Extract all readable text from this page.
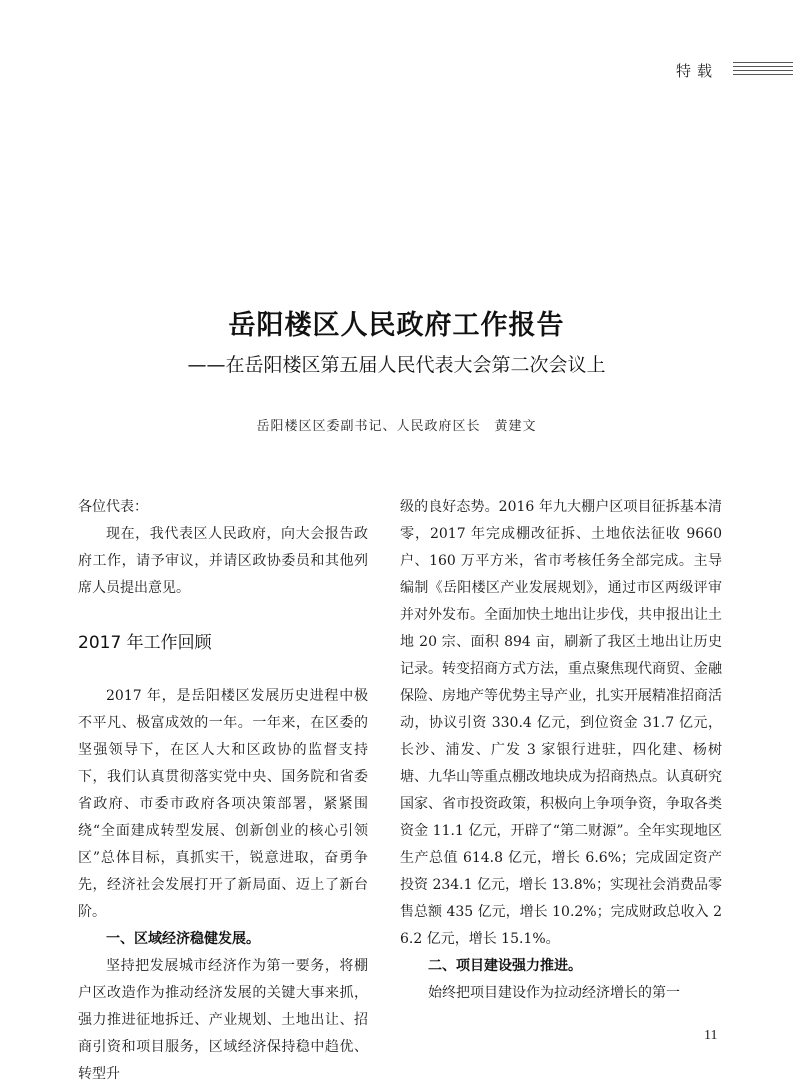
特载
岳阳楼区人民政府工作报告
——在岳阳楼区第五届人民代表大会第二次会议上
岳阳楼区区委副书记、人民政府区长　黄建文

各位代表：

现在，我代表区人民政府，向大会报告政府工作，请予审议，并请区政协委员和其他列席人员提出意见。

2017 年工作回顾

2017 年，是岳阳楼区发展历史进程中极不平凡、极富成效的一年。一年来，在区委的坚强领导下，在区人大和区政协的监督支持下，我们认真贯彻落实党中央、国务院和省委省政府、市委市政府各项决策部署，紧紧围绕“全面建成转型发展、创新创业的核心引领区”总体目标，真抓实干，锐意进取，奋勇争先，经济社会发展打开了新局面、迈上了新台阶。

一、区域经济稳健发展。

坚持把发展城市经济作为第一要务，将棚户区改造作为推动经济发展的关键大事来抓，强力推进征地拆迁、产业规划、土地出让、招商引资和项目服务，区域经济保持稳中趋优、转型升

级的良好态势。2016 年九大棚户区项目征拆基本清零，2017 年完成棚改征拆、土地依法征收 9660 户、160 万平方米，省市考核任务全部完成。主导编制《岳阳楼区产业发展规划》，通过市区两级评审并对外发布。全面加快土地出让步伐，共申报出让土地 20 宗、面积 894 亩，刷新了我区土地出让历史记录。转变招商方式方法，重点聚焦现代商贸、金融保险、房地产等优势主导产业，扎实开展精准招商活动，协议引资 330.4 亿元，到位资金 31.7 亿元，长沙、浦发、广发 3 家银行进驻，四化建、杨树塘、九华山等重点棚改地块成为招商热点。认真研究国家、省市投资政策，积极向上争项争资，争取各类资金 11.1 亿元，开辟了“第二财源”。全年实现地区生产总值 614.8 亿元，增长 6.6%；完成固定资产投资 234.1 亿元，增长 13.8%；实现社会消费品零售总额 435 亿元，增长 10.2%；完成财政总收入 26.2 亿元，增长 15.1%。

二、项目建设强力推进。

始终把项目建设作为拉动经济增长的第一

11
